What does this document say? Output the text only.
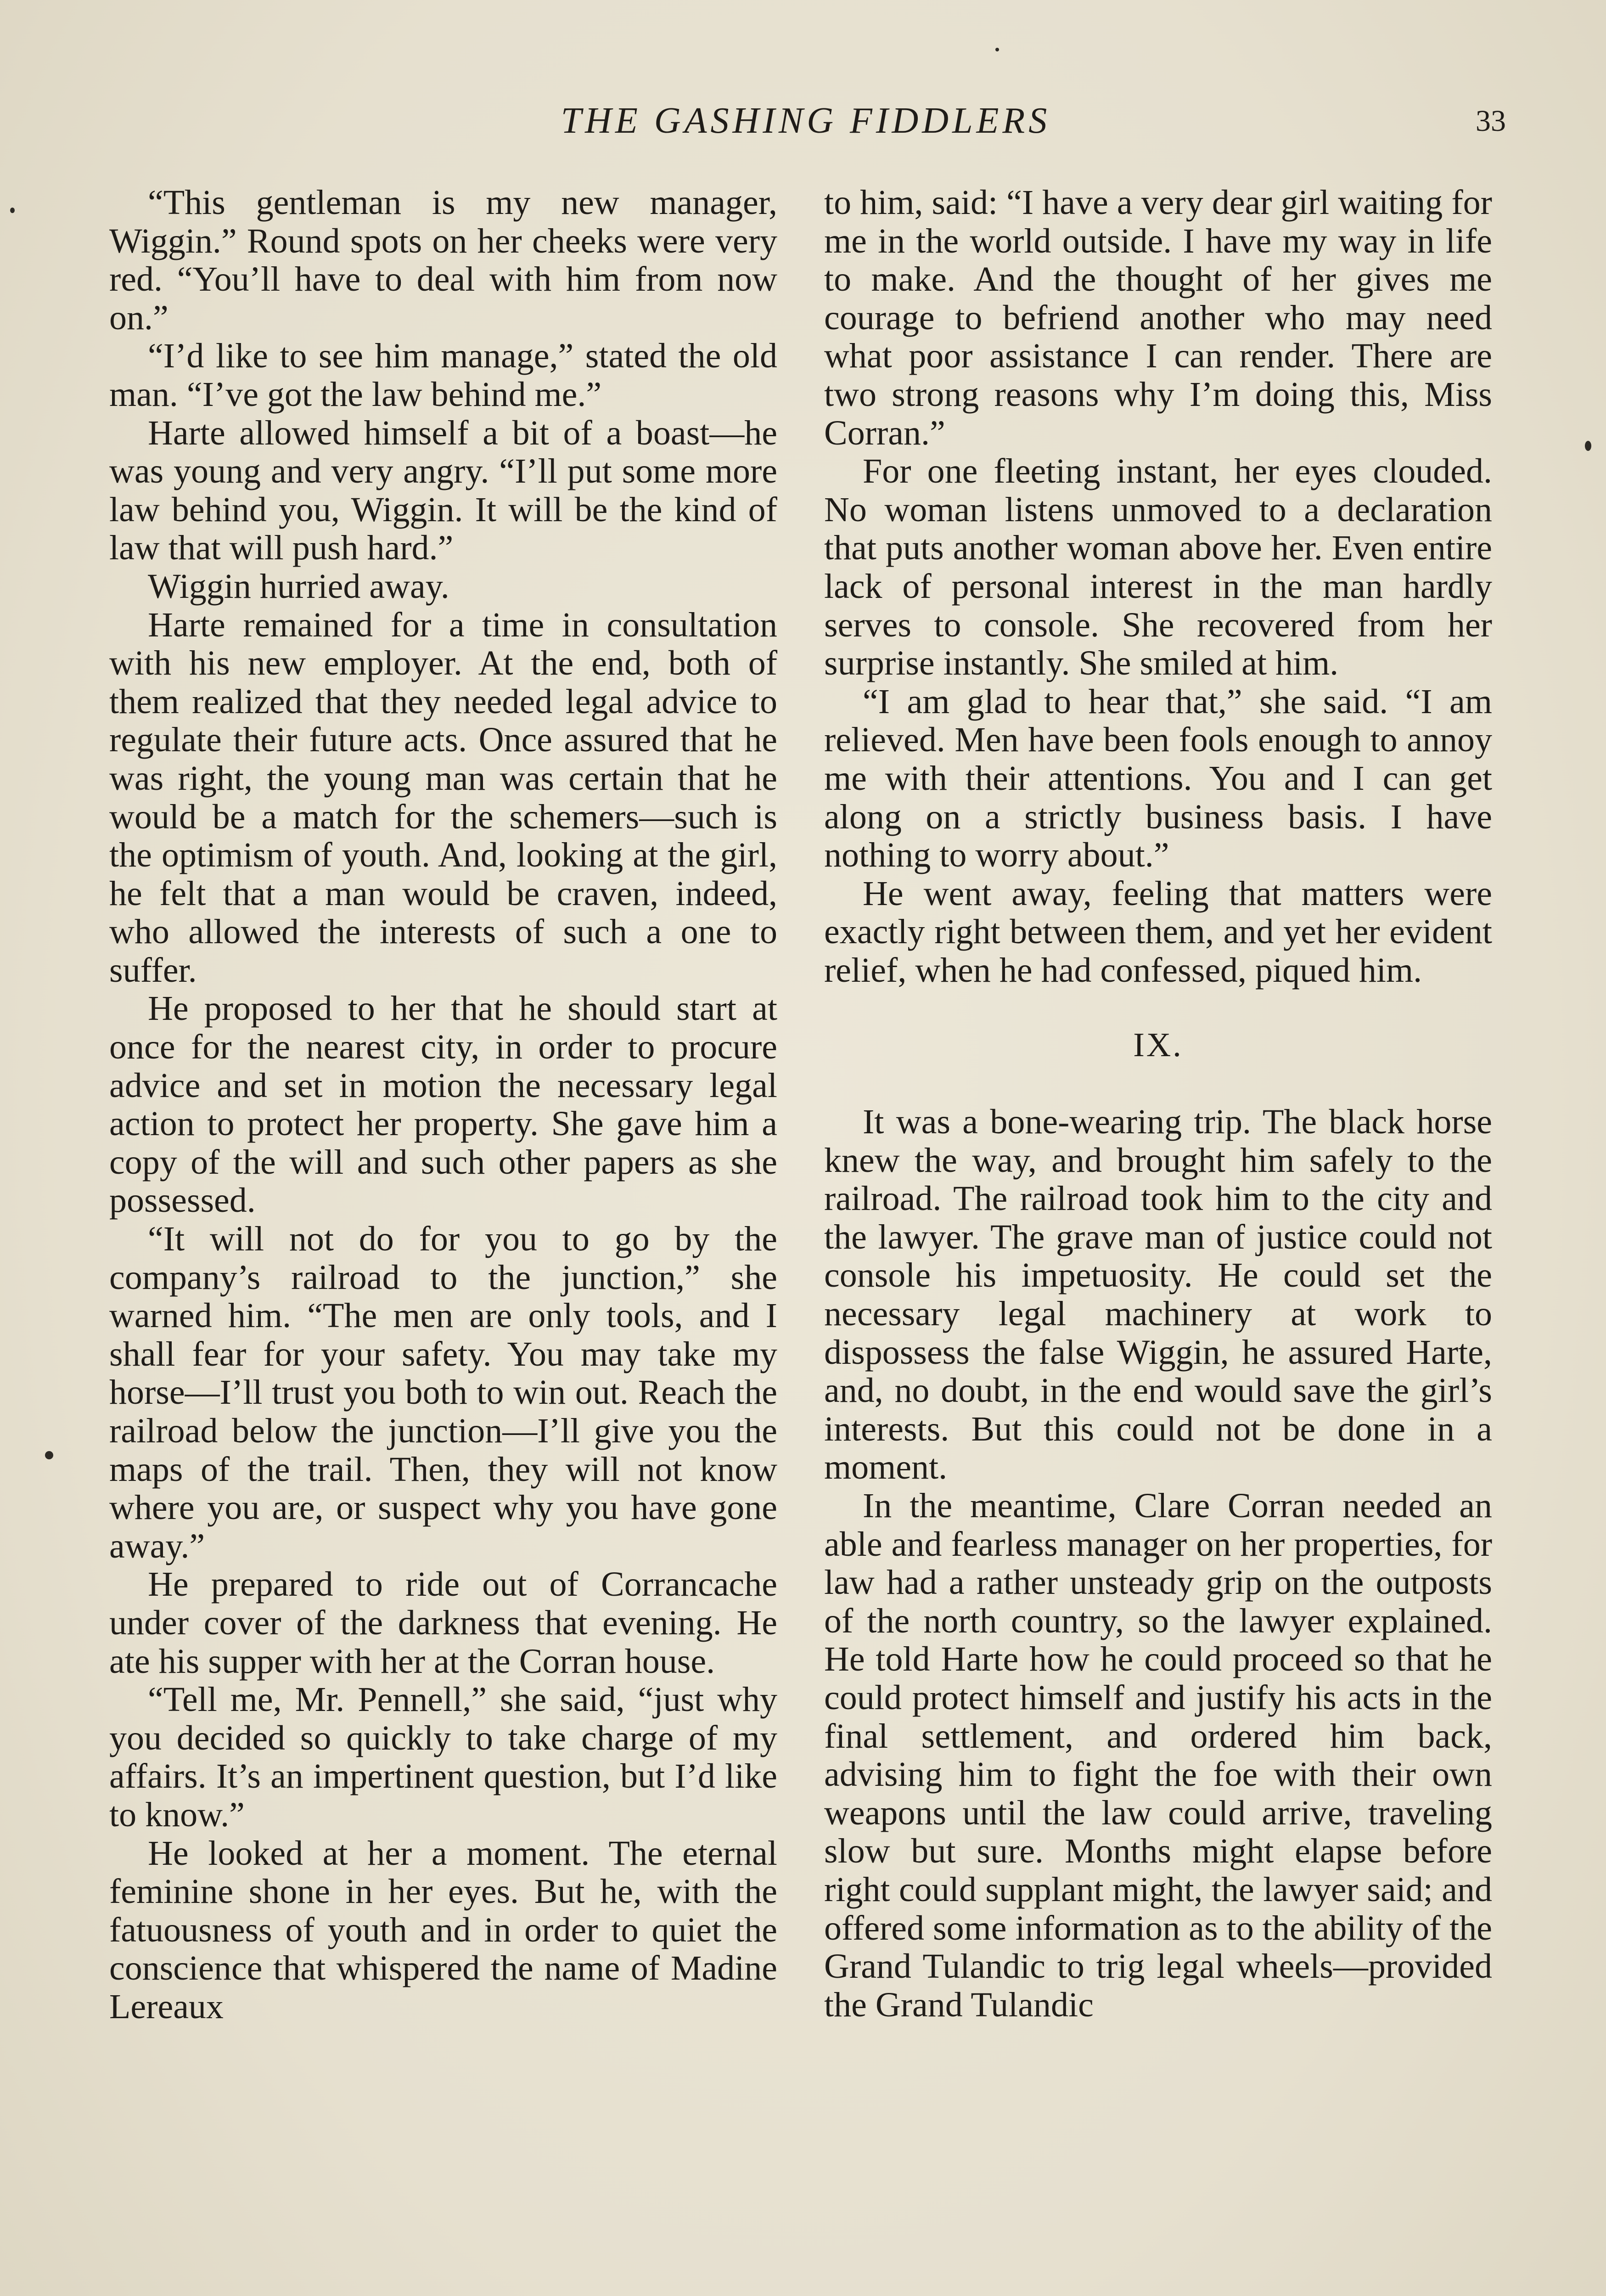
THE GASHING FIDDLERS	33

“This gentleman is my new manager, Wiggin.” Round spots on her cheeks were very red. “You’ll have to deal with him from now on.”

“I’d like to see him manage,” stated the old man. “I’ve got the law behind me.”

Harte allowed himself a bit of a boast—he was young and very angry. “I’ll put some more law behind you, Wiggin. It will be the kind of law that will push hard.”

Wiggin hurried away.

Harte remained for a time in consultation with his new employer. At the end, both of them realized that they needed legal advice to regulate their future acts. Once assured that he was right, the young man was certain that he would be a match for the schemers—such is the optimism of youth. And, looking at the girl, he felt that a man would be craven, indeed, who allowed the interests of such a one to suffer.

He proposed to her that he should start at once for the nearest city, in order to procure advice and set in motion the necessary legal action to protect her property. She gave him a copy of the will and such other papers as she possessed.

“It will not do for you to go by the company’s railroad to the junction,” she warned him. “The men are only tools, and I shall fear for your safety. You may take my horse—I’ll trust you both to win out. Reach the railroad below the junction—I’ll give you the maps of the trail. Then, they will not know where you are, or suspect why you have gone away.”

He prepared to ride out of Corrancache under cover of the darkness that evening. He ate his supper with her at the Corran house.

“Tell me, Mr. Pennell,” she said, “just why you decided so quickly to take charge of my affairs. It’s an impertinent question, but I’d like to know.”

He looked at her a moment. The eternal feminine shone in her eyes. But he, with the fatuousness of youth and in order to quiet the conscience that whispered the name of Madine Lereaux

to him, said: “I have a very dear girl waiting for me in the world outside. I have my way in life to make. And the thought of her gives me courage to befriend another who may need what poor assistance I can render. There are two strong reasons why I’m doing this, Miss Corran.”

For one fleeting instant, her eyes clouded. No woman listens unmoved to a declaration that puts another woman above her. Even entire lack of personal interest in the man hardly serves to console. She recovered from her surprise instantly. She smiled at him.

“I am glad to hear that,” she said. “I am relieved. Men have been fools enough to annoy me with their attentions. You and I can get along on a strictly business basis. I have nothing to worry about.”

He went away, feeling that matters were exactly right between them, and yet her evident relief, when he had confessed, piqued him.

IX.

It was a bone-wearing trip. The black horse knew the way, and brought him safely to the railroad. The railroad took him to the city and the lawyer. The grave man of justice could not console his impetuosity. He could set the necessary legal machinery at work to dispossess the false Wiggin, he assured Harte, and, no doubt, in the end would save the girl’s interests. But this could not be done in a moment.

In the meantime, Clare Corran needed an able and fearless manager on her properties, for law had a rather unsteady grip on the outposts of the north country, so the lawyer explained. He told Harte how he could proceed so that he could protect himself and justify his acts in the final settlement, and ordered him back, advising him to fight the foe with their own weapons until the law could arrive, traveling slow but sure. Months might elapse before right could supplant might, the lawyer said; and offered some information as to the ability of the Grand Tulandic to trig legal wheels—provided the Grand Tulandic
